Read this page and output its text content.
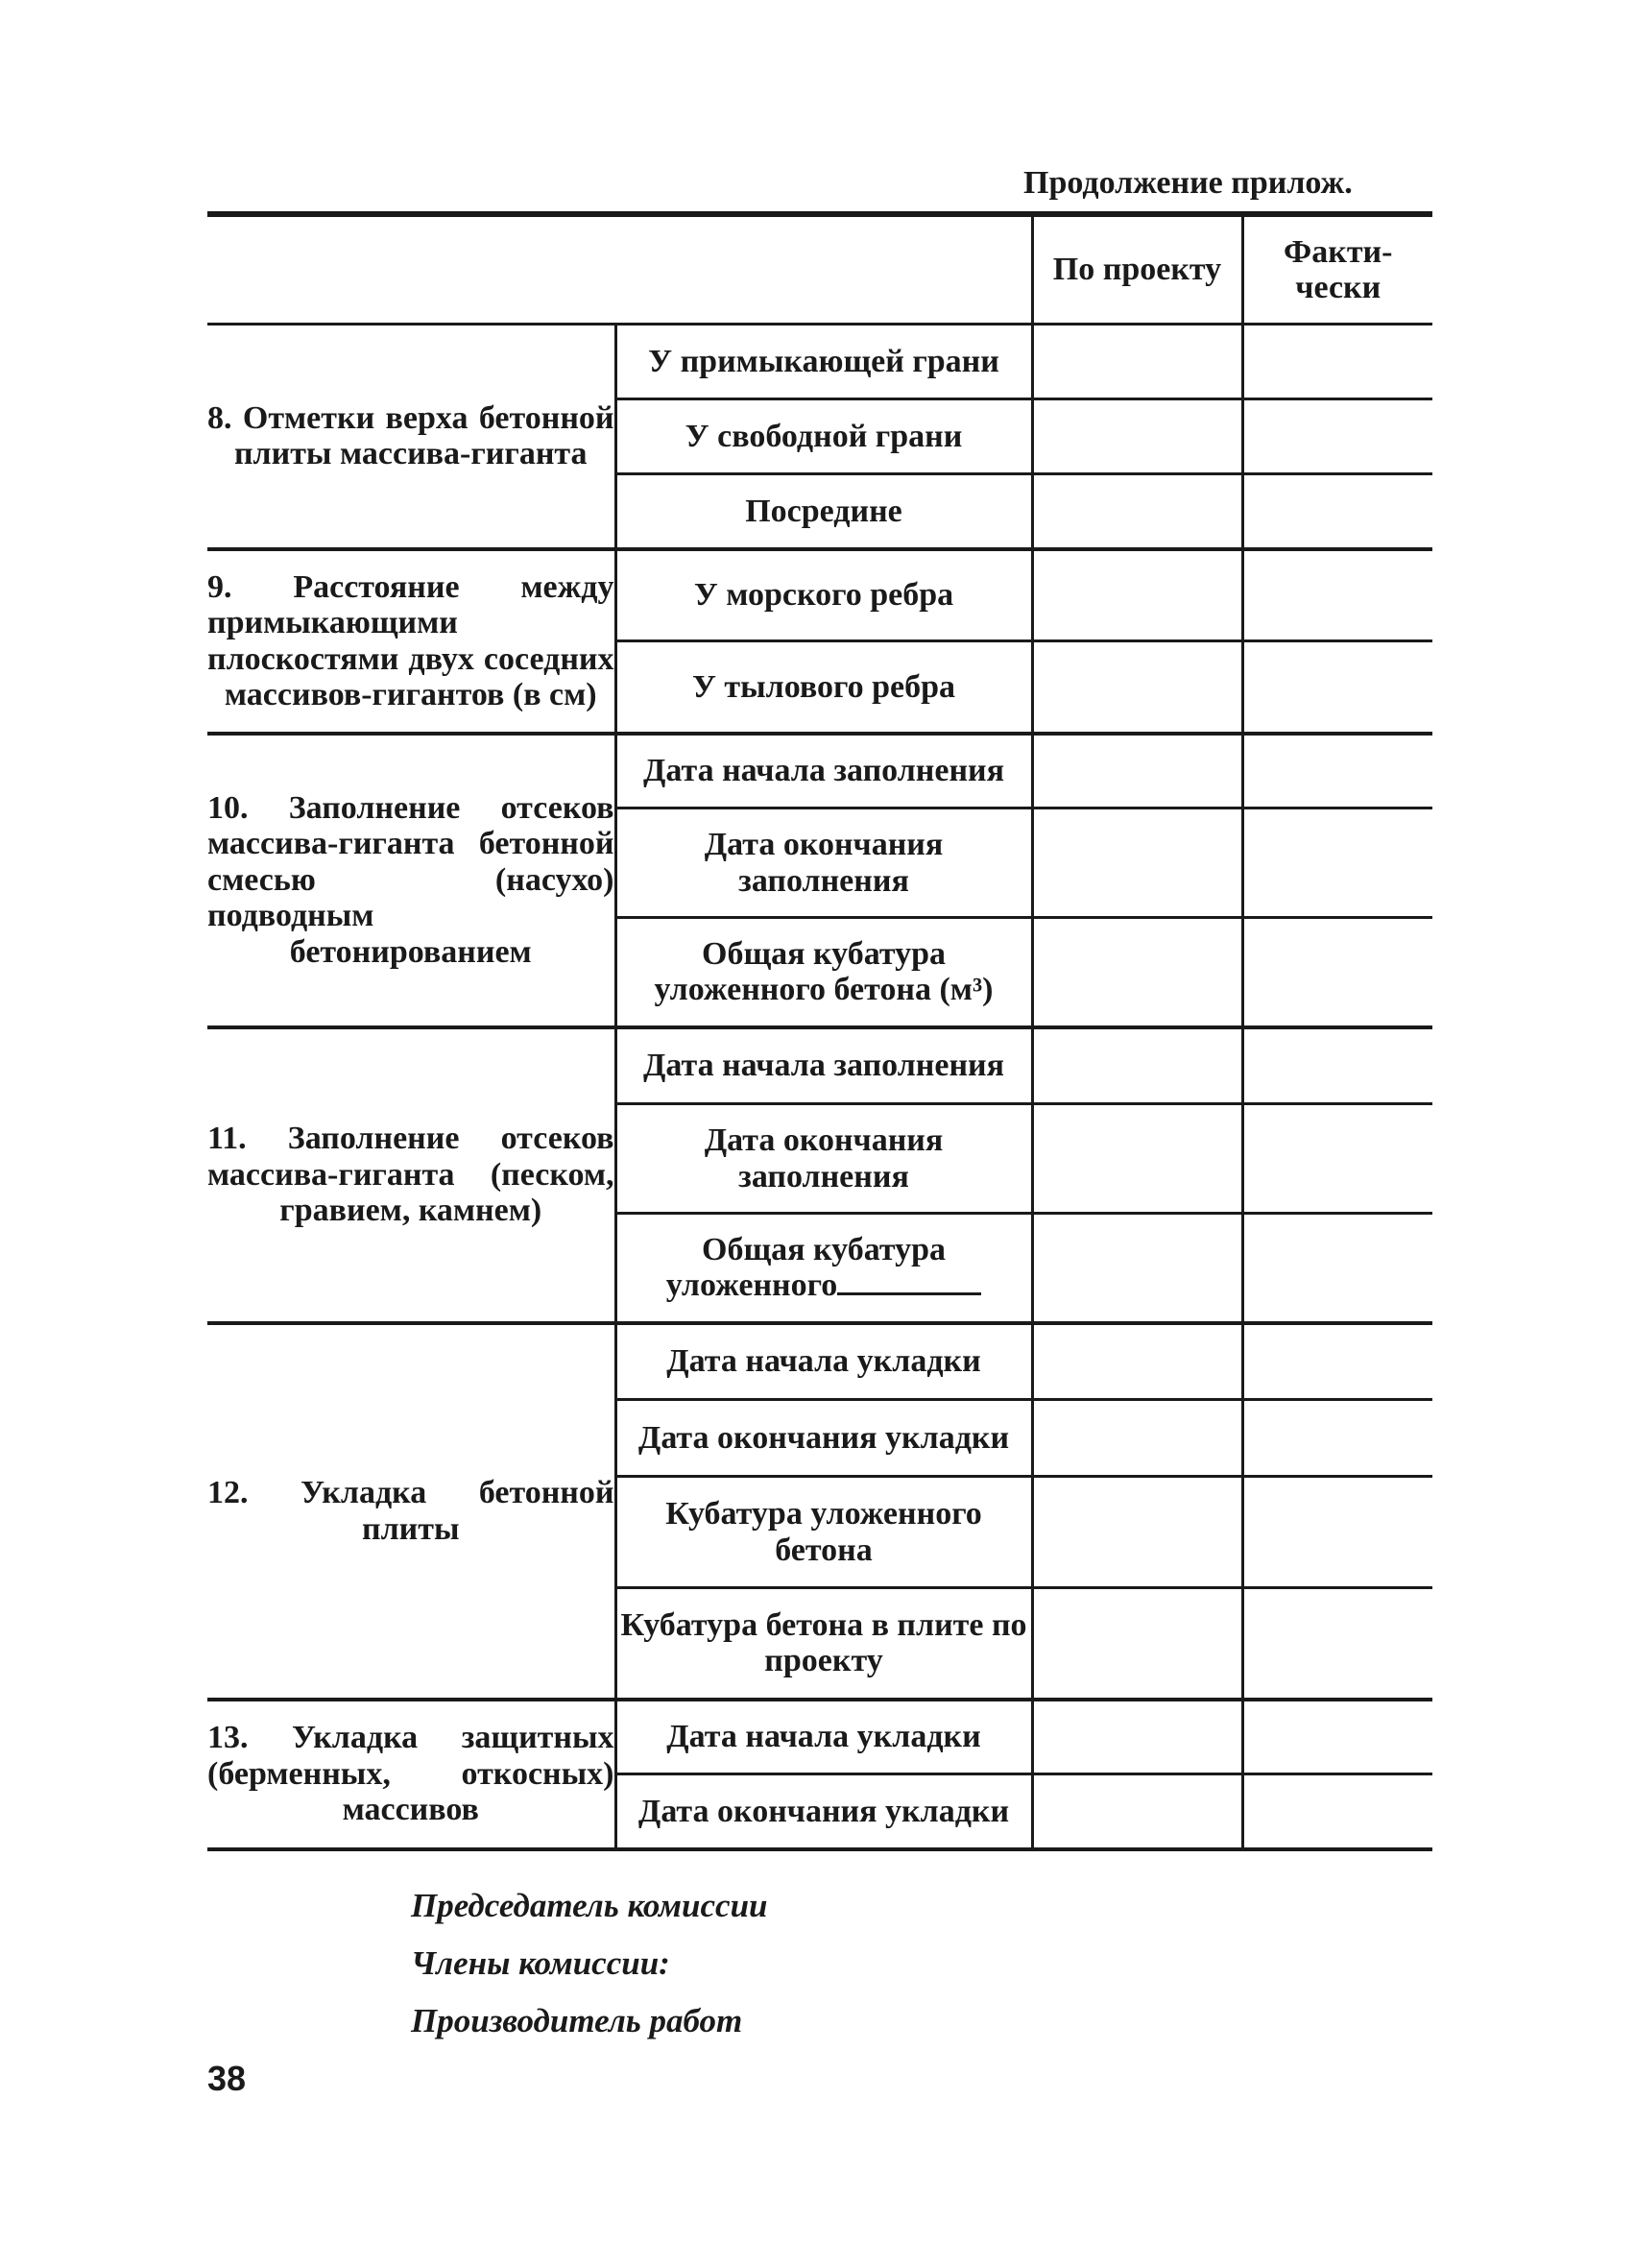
Продолжение прилож.
		По проекту	Факти-
чески
8. Отметки верха бетонной плиты массива-гиганта	У примыкающей грани		
	У свободной грани		
	Посредине		
9. Расстояние между примыкающими плоскостями двух соседних массивов-гигантов (в см)	У морского ребра		
	У тылового ребра		
10. Заполнение отсеков массива-гиганта бетонной смесью (насухо) подводным бетонированием	Дата начала заполнения		
	Дата окончания заполнения		
	Общая кубатура уложенного бетона (м³)		
11. Заполнение отсеков массива-гиганта (песком, гравием, камнем)	Дата начала заполнения		
	Дата окончания заполнения		
	Общая кубатура уложенного		
12. Укладка бетонной плиты	Дата начала укладки		
	Дата окончания укладки		
	Кубатура уложенного бетона		
	Кубатура бетона в плите по проекту		
13. Укладка защитных (берменных, откосных) массивов	Дата начала укладки		
	Дата окончания укладки		
Председатель комиссии
Члены комиссии:
Производитель работ
38
